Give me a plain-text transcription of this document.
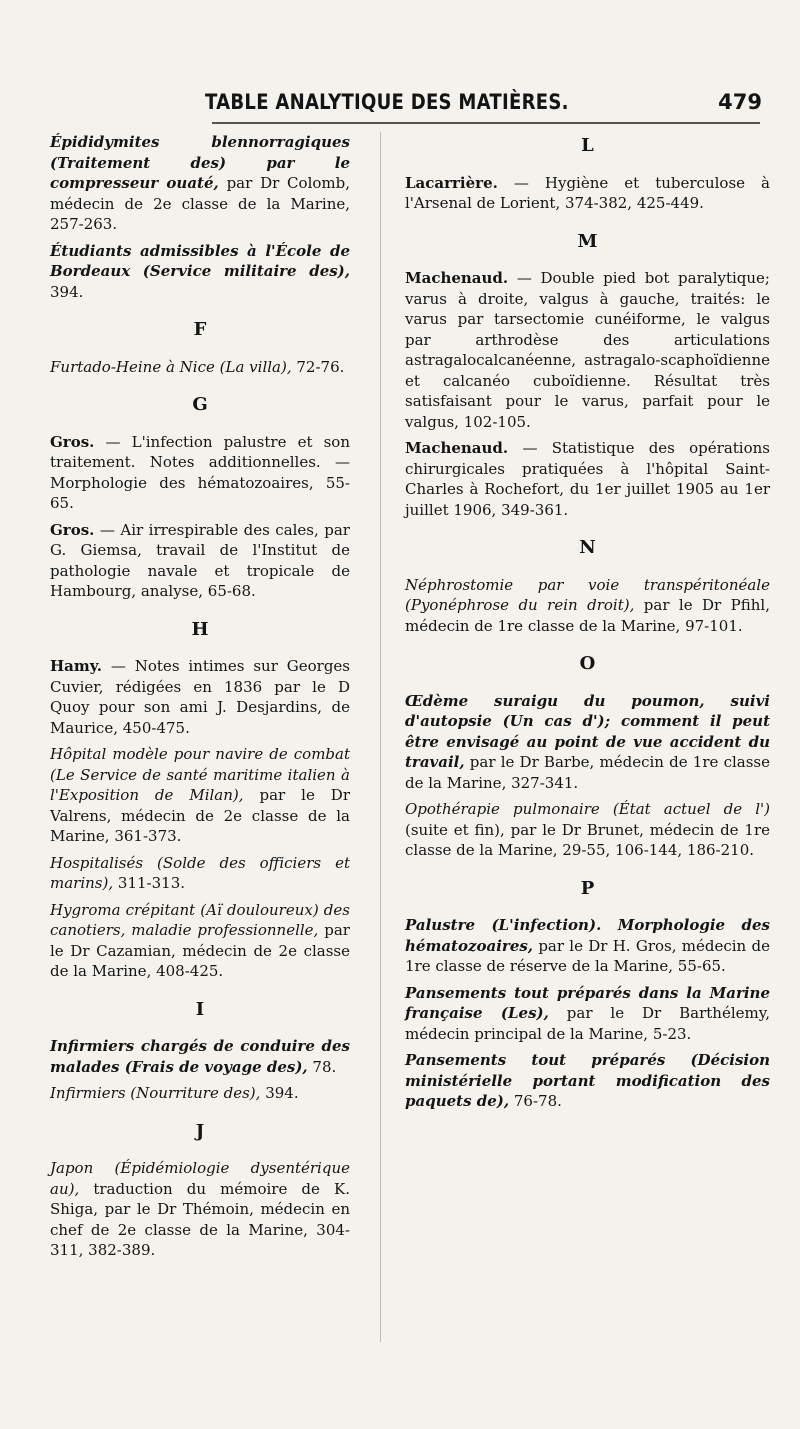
TABLE ANALYTIQUE DES MATIÈRES.	479
Épididymites blennorragiques (Traitement des) par le compresseur ouaté, par Dr Colomb, médecin de 2e classe de la Marine, 257-263.
Étudiants admissibles à l'École de Bordeaux (Service militaire des), 394.
F
Furtado-Heine à Nice (La villa), 72-76.
G
Gros. — L'infection palustre et son traitement. Notes additionnelles. — Morphologie des hématozoaires, 55-65.
Gros. — Air irrespirable des cales, par G. Giemsa, travail de l'Institut de pathologie navale et tropicale de Hambourg, analyse, 65-68.
H
Hamy. — Notes intimes sur Georges Cuvier, rédigées en 1836 par le D Quoy pour son ami J. Desjardins, de Maurice, 450-475.
Hôpital modèle pour navire de combat (Le Service de santé maritime italien à l'Exposition de Milan), par le Dr Valrens, médecin de 2e classe de la Marine, 361-373.
Hospitalisés (Solde des officiers et marins), 311-313.
Hygroma crépitant (Aï douloureux) des canotiers, maladie professionnelle, par le Dr Cazamian, médecin de 2e classe de la Marine, 408-425.
I
Infirmiers chargés de conduire des malades (Frais de voyage des), 78.
Infirmiers (Nourriture des), 394.
J
Japon (Épidémiologie dysentérique au), traduction du mémoire de K. Shiga, par le Dr Thémoin, médecin en chef de 2e classe de la Marine, 304-311, 382-389.
L
Lacarrière. — Hygiène et tuberculose à l'Arsenal de Lorient, 374-382, 425-449.
M
Machenaud. — Double pied bot paralytique; varus à droite, valgus à gauche, traités: le varus par tarsectomie cunéiforme, le valgus par arthrodèse des articulations astragalocalcanéenne, astragalo-scaphoïdienne et calcanéo cuboïdienne. Résultat très satisfaisant pour le varus, parfait pour le valgus, 102-105.
Machenaud. — Statistique des opérations chirurgicales pratiquées à l'hôpital Saint-Charles à Rochefort, du 1er juillet 1905 au 1er juillet 1906, 349-361.
N
Néphrostomie par voie transpéritonéale (Pyonéphrose du rein droit), par le Dr Pfihl, médecin de 1re classe de la Marine, 97-101.
O
Œdème suraigu du poumon, suivi d'autopsie (Un cas d'); comment il peut être envisagé au point de vue accident du travail, par le Dr Barbe, médecin de 1re classe de la Marine, 327-341.
Opothérapie pulmonaire (État actuel de l') (suite et fin), par le Dr Brunet, médecin de 1re classe de la Marine, 29-55, 106-144, 186-210.
P
Palustre (L'infection). Morphologie des hématozoaires, par le Dr H. Gros, médecin de 1re classe de réserve de la Marine, 55-65.
Pansements tout préparés dans la Marine française (Les), par le Dr Barthélemy, médecin principal de la Marine, 5-23.
Pansements tout préparés (Décision ministérielle portant modification des paquets de), 76-78.
